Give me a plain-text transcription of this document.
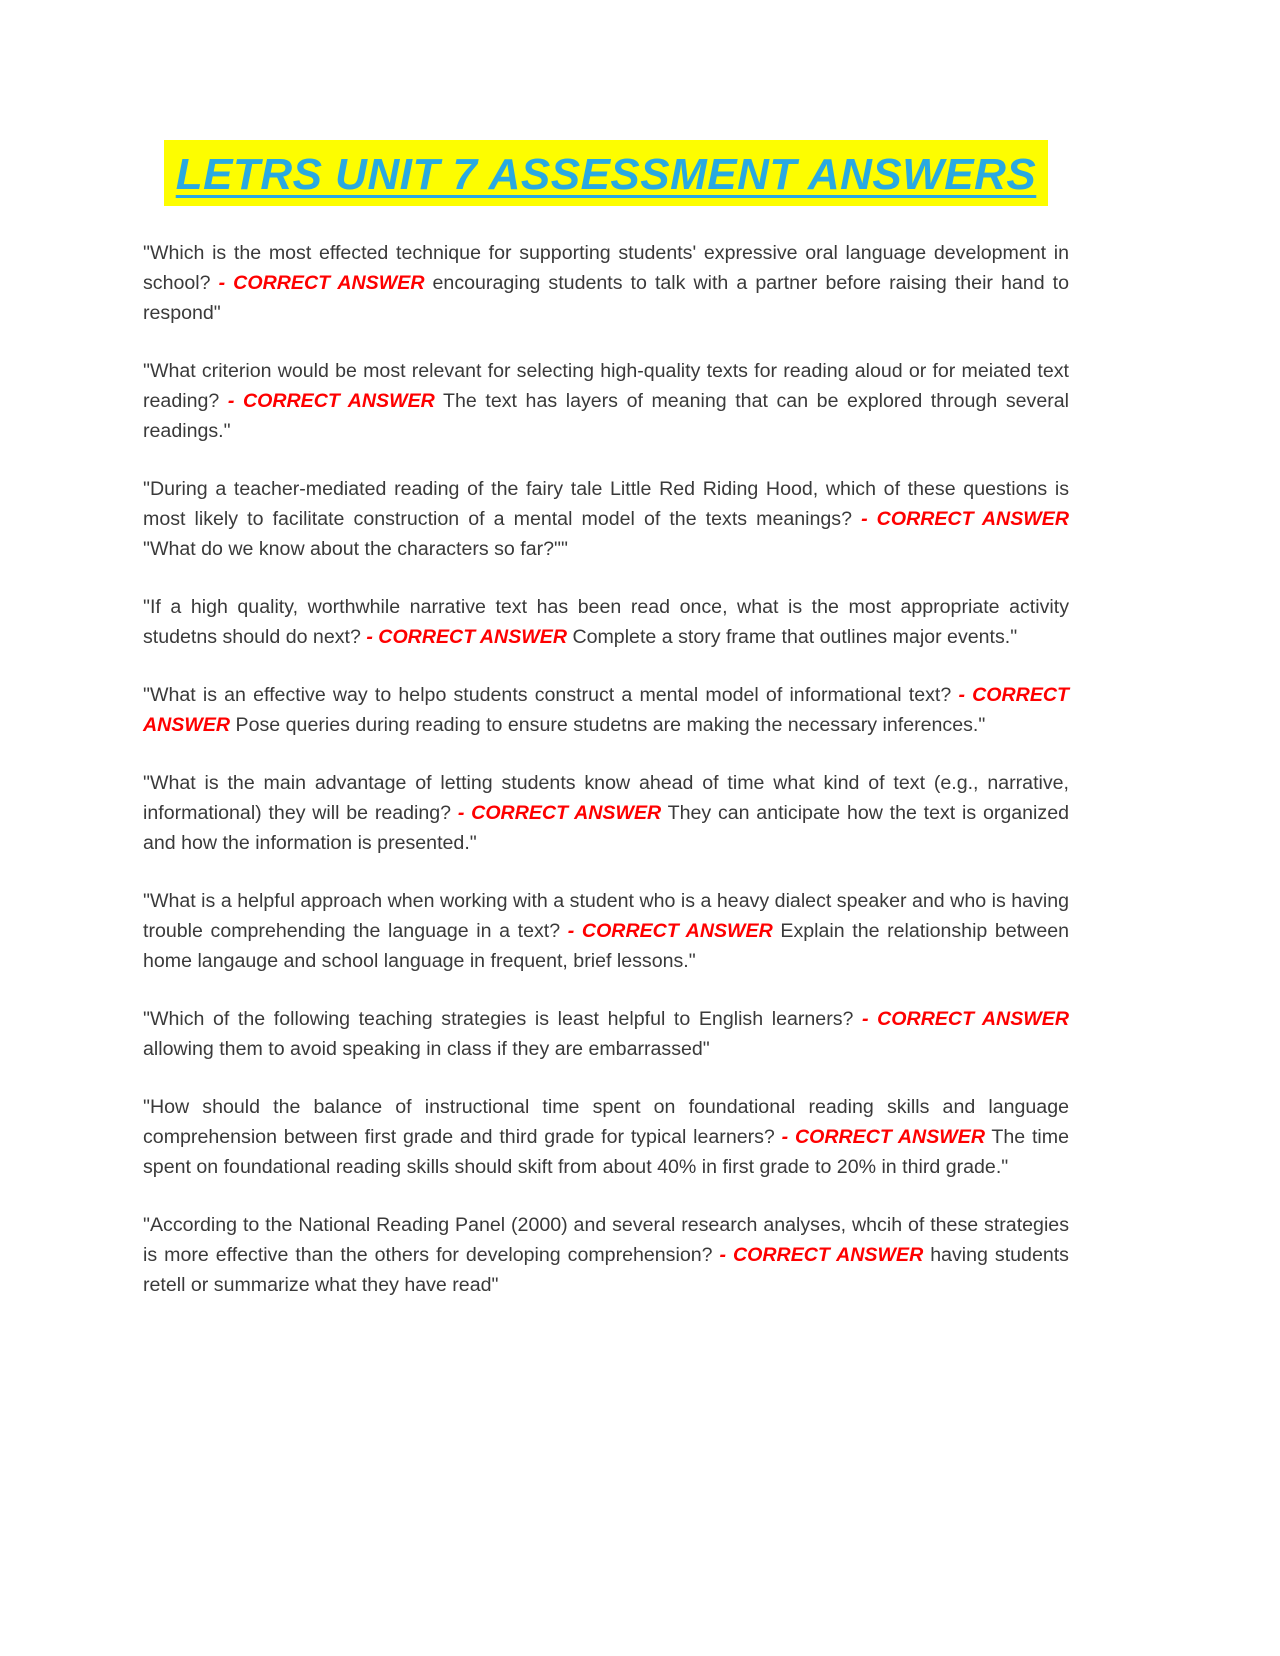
LETRS UNIT 7 ASSESSMENT ANSWERS

"Which is the most effected technique for supporting students' expressive oral language development in school? - CORRECT ANSWER encouraging students to talk with a partner before raising their hand to respond"

"What criterion would be most relevant for selecting high-quality texts for reading aloud or for meiated text reading? - CORRECT ANSWER The text has layers of meaning that can be explored through several readings."

"During a teacher-mediated reading of the fairy tale Little Red Riding Hood, which of these questions is most likely to facilitate construction of a mental model of the texts meanings? - CORRECT ANSWER "What do we know about the characters so far?""

"If a high quality, worthwhile narrative text has been read once, what is the most appropriate activity studetns should do next? - CORRECT ANSWER Complete a story frame that outlines major events."

"What is an effective way to helpo students construct a mental model of informational text? - CORRECT ANSWER Pose queries during reading to ensure studetns are making the necessary inferences."

"What is the main advantage of letting students know ahead of time what kind of text (e.g., narrative, informational) they will be reading? - CORRECT ANSWER They can anticipate how the text is organized and how the information is presented."

"What is a helpful approach when working with a student who is a heavy dialect speaker and who is having trouble comprehending the language in a text? - CORRECT ANSWER Explain the relationship between home langauge and school language in frequent, brief lessons."

"Which of the following teaching strategies is least helpful to English learners? - CORRECT ANSWER allowing them to avoid speaking in class if they are embarrassed"

"How should the balance of instructional time spent on foundational reading skills and language comprehension between first grade and third grade for typical learners? - CORRECT ANSWER The time spent on foundational reading skills should skift from about 40% in first grade to 20% in third grade."

"According to the National Reading Panel (2000) and several research analyses, whcih of these strategies is more effective than the others for developing comprehension? - CORRECT ANSWER having students retell or summarize what they have read"
